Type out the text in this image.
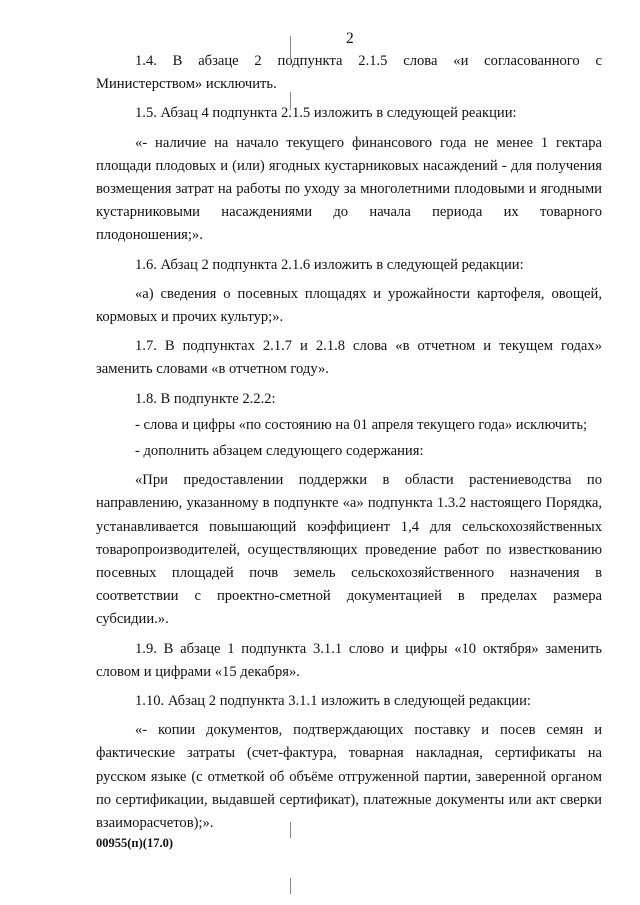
2

1.4. В абзаце 2 подпункта 2.1.5 слова «и согласованного с Министерством» исключить.

1.5. Абзац 4 подпункта 2.1.5 изложить в следующей реакции:

«- наличие на начало текущего финансового года не менее 1 гектара площади плодовых и (или) ягодных кустарниковых насаждений - для получения возмещения затрат на работы по уходу за многолетними плодовыми и ягодными кустарниковыми насаждениями до начала периода их товарного плодоношения;».

1.6. Абзац 2 подпункта 2.1.6 изложить в следующей редакции:

«а) сведения о посевных площадях и урожайности картофеля, овощей, кормовых и прочих культур;».

1.7. В подпунктах 2.1.7 и 2.1.8 слова «в отчетном и текущем годах» заменить словами «в отчетном году».

1.8. В подпункте 2.2.2:

- слова и цифры «по состоянию на 01 апреля текущего года» исключить;

- дополнить абзацем следующего содержания:

«При предоставлении поддержки в области растениеводства по направлению, указанному в подпункте «а» подпункта 1.3.2 настоящего Порядка, устанавливается повышающий коэффициент 1,4 для сельскохозяйственных товаропроизводителей, осуществляющих проведение работ по известкованию посевных площадей почв земель сельскохозяйственного назначения в соответствии с проектно-сметной документацией в пределах размера субсидии.».

1.9. В абзаце 1 подпункта 3.1.1 слово и цифры «10 октября» заменить словом и цифрами «15 декабря».

1.10. Абзац 2 подпункта 3.1.1 изложить в следующей редакции:

«- копии документов, подтверждающих поставку и посев семян и фактические затраты (счет-фактура, товарная накладная, сертификаты на русском языке (с отметкой об объёме отгруженной партии, заверенной органом по сертификации, выдавшей сертификат), платежные документы или акт сверки взаиморасчетов);».

00955(п)(17.0)
